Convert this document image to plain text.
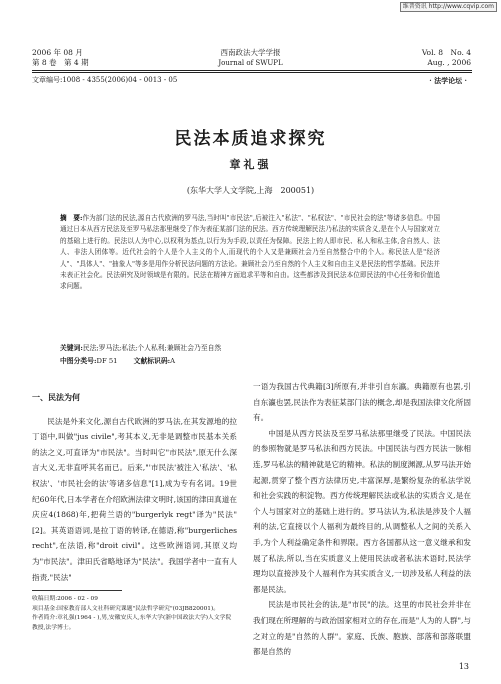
维普资讯 http://www.cqvip.com
2006 年 08 月
第 8 卷　第 4 期
西南政法大学学报
Journal of SWUPL
Vol. 8　No. 4
Aug. , 2006
文章编号:1008 - 4355(2006)04 - 0013 - 05	· 法学论坛 ·
民法本质追求探究
章礼强
(东华大学人文学院,上海　200051)
摘　要:作为部门法的民法,源自古代欧洲的罗马法,当时叫"市民法",后被注入"私法"、"私权法"、"市民社会的法"等诸多信息。中国通过日本从西方民法及至罗马私法那里继受了作为表征某部门法的民法。西方传统理解民法乃私法的实质含义,是在个人与国家对立的基础上进行的。民法以人为中心,以权利为基点,以行为为手段,以责任为保障。民法上的人即市民、私人和私主体,含自然人、法人、非法人团体等。近代社会的个人是个人主义的个人,而现代的个人又是兼顾社会乃至自然整合中的个人。称民法人是"经济人"、"具体人"、"抽象人"等多是用作分析民法问题的方法论。兼顾社会乃至自然的个人主义和自由主义是民法的哲学基础。民法并未表正社会化。民法研究及时领域是有限的。民法在精神方面追求平等和自由。这些都涉及到民法本位即民法的中心任务和价值追求问题。
关键词:民法;罗马法;私法;个人私利;兼顾社会乃至自然
中图分类号:DF 51 文献标识码:A
一、民法为何

民法是外来文化,源自古代欧洲的罗马法,在其发源地的拉丁语中,叫做"jus civile",考其本义,无非是调整市民基本关系的法之义,可直译为"市民法"。当时叫它"市民法",原无什么深言大义,无非直呼其名而已。后来,"'市民法'被注入'私法'、'私权法'、'市民社会的法'等诸多信息"[1],成为专有名词。19世纪60年代,日本学者在介绍欧洲法律文明时,该国的津田真道在庆应4(1868)年,把荷兰语的"burgerlyk regt"译为"民法"[2]。其英语语词,是拉丁语的转译,在德语,称"burgerliches recht",在法语,称"droit civil"。这些欧洲语词,其原义均为"市民法"。津田氏省略地译为"民法"。我国学者中一直有人指责,"民法"

收稿日期:2006 - 02 - 09
项目基金:国家教育部人文社科研究课题"民法哲学研究"(03JB820001)。
作者简介:章礼强(1964 - ),男,安徽安庆人,东华大学(浙中国政法大学)人文学院教授,法学博士。

一语为我国古代典籍[3]所原有,并非引自东瀛。典籍原有也罢,引自东瀛也罢,民法作为表征某部门法的概念,却是我国法律文化所固有。

中国是从西方民法及至罗马私法那里继受了民法。中国民法的参照物就是罗马私法和西方民法。中国民法与西方民法一脉相连,罗马私法的精神就是它的精神。私法的制度渊源,从罗马法开始起源,贯穿了整个西方法律历史,丰富深厚,是繁纷复杂的私法学说和社会实践的积淀物。西方传统理解民法或私法的实质含义,是在个人与国家对立的基础上进行的。罗马法认为,私法是涉及个人福利的法,它直接以个人福利为最终目的,从调整私人之间的关系入手,为个人利益确定条件和界限。西方各国都从这一意义继承和发展了私法,所以,当在实质意义上使用民法或者私法术语时,民法学理均以直接涉及个人福利作为其实质含义,一切涉及私人利益的法都是民法。

民法是市民社会的法,是"市民"的法。这里的市民社会并非在我们现在所理解的与政治国家相对立的存在,而是"人为的人群",与之对立的是"自然的人群"。家庭、氏族、胞族、部落和部落联盟都是自然的

13
